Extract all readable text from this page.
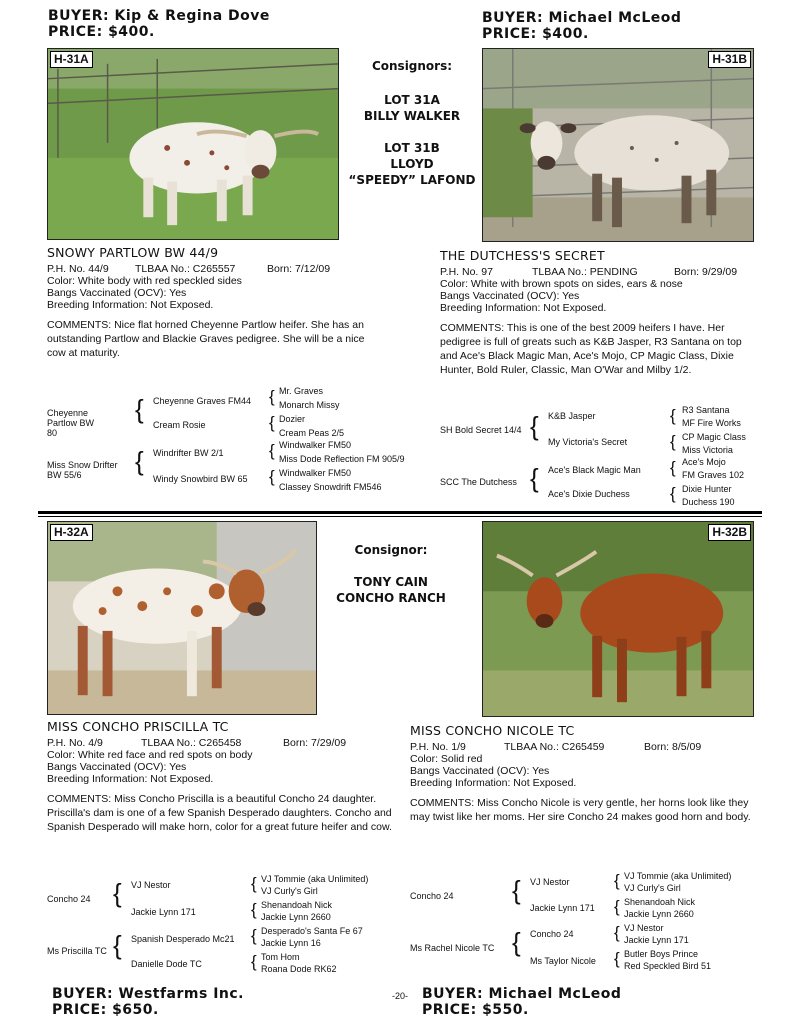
BUYER: Kip & Regina Dove
PRICE: $400.
BUYER: Michael McLeod
PRICE: $400.
H-31A	Consignors:
LOT 31A
BILLY WALKER
LOT 31B
LLOYD
“SPEEDY” LAFOND
H-31B
SNOWY PARTLOW BW 44/9
P.H. No. 44/9	TLBAA No.: C265557	Born: 7/12/09
Color: White body with red speckled sides
Bangs Vaccinated (OCV): Yes
Breeding Information: Not Exposed.
COMMENTS: Nice flat horned Cheyenne Partlow heifer. She has an outstanding Partlow and Blackie Graves pedigree. She will be a nice cow at maturity.
THE DUTCHESS'S SECRET
P.H. No. 97	TLBAA No.: PENDING	Born: 9/29/09
Color: White with brown spots on sides, ears & nose
Bangs Vaccinated (OCV): Yes
Breeding Information: Not Exposed.
COMMENTS: This is one of the best 2009 heifers I have. Her pedigree is full of greats such as K&B Jasper, R3 Santana on top and Ace's Black Magic Man, Ace's Mojo, CP Magic Class, Dixie Hunter, Bold Ruler, Classic, Man O'War and Milby 1/2.
Cheyenne Partlow BW 80
{ Cheyenne Graves FM44
Cream Rosie
{ Mr. Graves
Monarch Missy
{ Dozier
Cream Peas 2/5
Miss Snow Drifter BW 55/6	{ Windrifter BW 2/1
Windy Snowbird BW 65
{ Windwalker FM50
Miss Dode Reflection FM 905/9
{ Windwalker FM50
Classey Snowdrift FM546
SH Bold Secret 14/4 { K&B Jasper
My Victoria's Secret
{ R3 Santana
MF Fire Works
{ CP Magic Class
Miss Victoria
SCC The Dutchess { Ace's Black Magic Man
Ace's Dixie Duchess
{ Ace's Mojo
FM Graves 102
{ Dixie Hunter
Duchess 190
H-32A
Consignor:
TONY CAIN
CONCHO RANCH
H-32B
MISS CONCHO PRISCILLA TC
P.H. No. 4/9	TLBAA No.: C265458	Born: 7/29/09
Color: White red face and red spots on body
Bangs Vaccinated (OCV): Yes
Breeding Information: Not Exposed.
COMMENTS: Miss Concho Priscilla is a beautiful Concho 24 daughter. Priscilla's dam is one of a few Spanish Desperado daughters. Concho and Spanish Desperado will make horn, color for a great future heifer and cow.
MISS CONCHO NICOLE TC
P.H. No. 1/9	TLBAA No.: C265459	Born: 8/5/09
Color: Solid red
Bangs Vaccinated (OCV): Yes
Breeding Information: Not Exposed.
COMMENTS: Miss Concho Nicole is very gentle, her horns look like they may twist like her moms. Her sire Concho 24 makes good horn and body.
Concho 24 { VJ Nestor
Jackie Lynn 171
{ VJ Tommie (aka Unlimited)
VJ Curly's Girl
{ Shenandoah Nick
Jackie Lynn 2660
Ms Priscilla TC { Spanish Desperado Mc21
Danielle Dode TC
{ Desperado's Santa Fe 67
Jackie Lynn 16
{ Tom Hom
Roana Dode RK62
Concho 24 { VJ Nestor
Jackie Lynn 171
{ VJ Tommie (aka Unlimited)
VJ Curly's Girl
{ Shenandoah Nick
Jackie Lynn 2660
Ms Rachel Nicole TC { Concho 24
Ms Taylor Nicole
{ VJ Nestor
Jackie Lynn 171
{ Butler Boys Prince
Red Speckled Bird 51
BUYER: Westfarms Inc.
PRICE: $650.
-20- BUYER: Michael McLeod
PRICE: $550.
